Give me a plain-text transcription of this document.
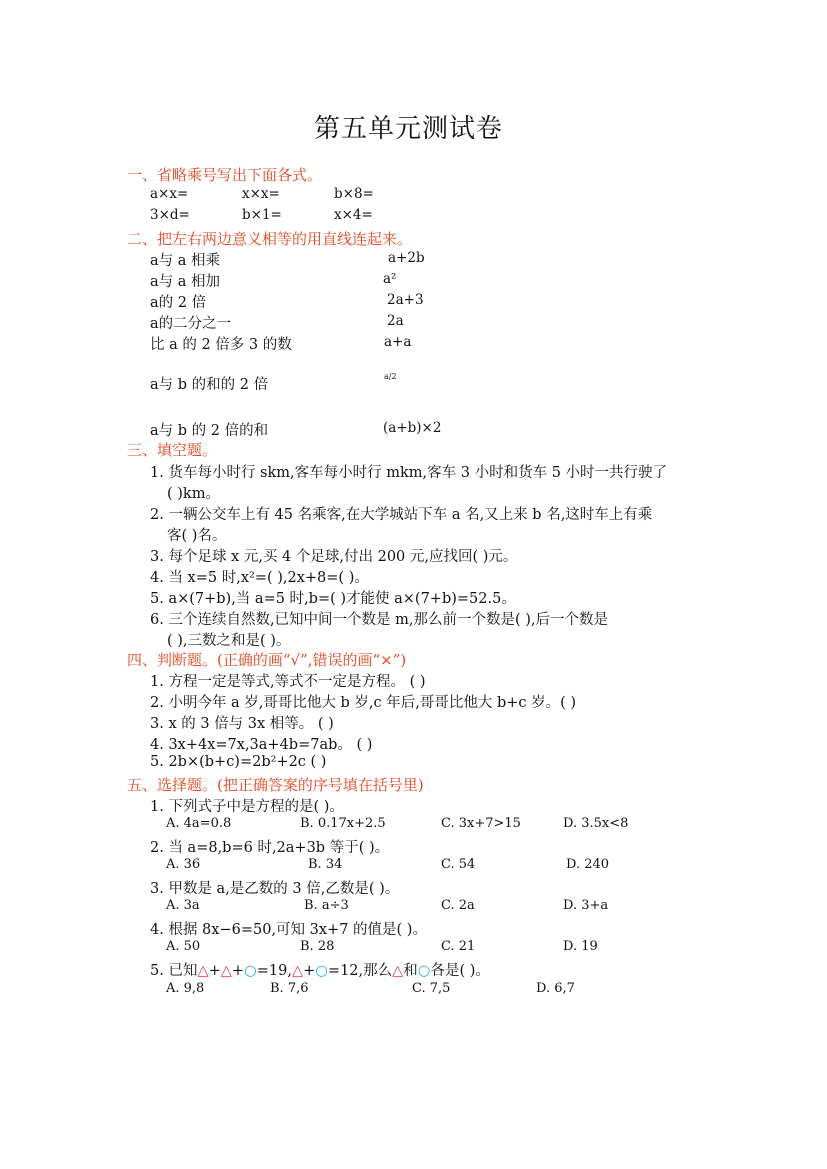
第五单元测试卷
一、省略乘号写出下面各式。
a×x=	x×x=	b×8=
3×d=	b×1=	x×4=
二、把左右两边意义相等的用直线连起来。
a与 a 相乘
a与 a 相加
a的 2 倍
a的二分之一
比 a 的 2 倍多 3 的数
a与 b 的和的 2 倍
a与 b 的 2 倍的和
a+2b
a²
2a+3
2a
a+a
a/2
(a+b)×2
三、填空题。
1. 货车每小时行 skm,客车每小时行 mkm,客车 3 小时和货车 5 小时一共行驶了
( )km。
2. 一辆公交车上有 45 名乘客,在大学城站下车 a 名,又上来 b 名,这时车上有乘
客( )名。
3. 每个足球 x 元,买 4 个足球,付出 200 元,应找回( )元。
4. 当 x=5 时,x²=( ),2x+8=( )。
5. a×(7+b),当 a=5 时,b=( )才能使 a×(7+b)=52.5。
6. 三个连续自然数,已知中间一个数是 m,那么前一个数是( ),后一个数是
( ),三数之和是( )。
四、判断题。(正确的画“√”,错误的画“×”)
1. 方程一定是等式,等式不一定是方程。 ( )
2. 小明今年 a 岁,哥哥比他大 b 岁,c 年后,哥哥比他大 b+c 岁。( )
3. x 的 3 倍与 3x 相等。 ( )
4. 3x+4x=7x,3a+4b=7ab。 ( )
5. 2b×(b+c)=2b²+2c ( )
五、选择题。(把正确答案的序号填在括号里)
1. 下列式子中是方程的是( )。
A. 4a=0.8	B. 0.17x+2.5	C. 3x+7>15	D. 3.5x<8
2. 当 a=8,b=6 时,2a+3b 等于( )。
A. 36	B. 34	C. 54	D. 240
3. 甲数是 a,是乙数的 3 倍,乙数是( )。
A. 3a	B. a÷3	C. 2a	D. 3+a
4. 根据 8x−6=50,可知 3x+7 的值是( )。
A. 50	B. 28	C. 21	D. 19
5. 已知△+△+○=19,△+○=12,那么△和○各是( )。
A. 9,8	B. 7,6	C. 7,5	D. 6,7
